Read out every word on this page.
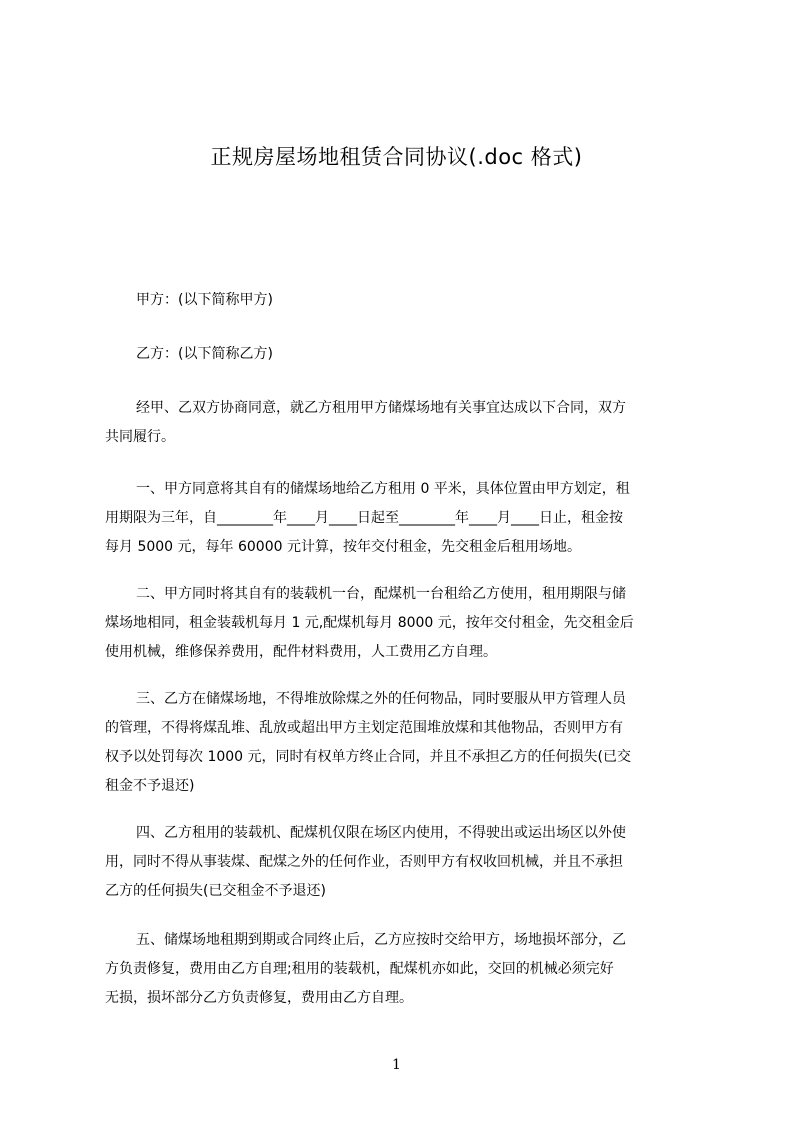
正规房屋场地租赁合同协议(.doc 格式)
甲方：(以下简称甲方)
乙方：(以下简称乙方)
经甲、乙双方协商同意，就乙方租用甲方储煤场地有关事宜达成以下合同，双方
共同履行。
一、甲方同意将其自有的储煤场地给乙方租用 0 平米，具体位置由甲方划定，租
用期限为三年，自________年____月____日起至________年____月____日止，租金按
每月 5000 元，每年 60000 元计算，按年交付租金，先交租金后租用场地。
二、甲方同时将其自有的装载机一台，配煤机一台租给乙方使用，租用期限与储
煤场地相同，租金装载机每月 1 元,配煤机每月 8000 元，按年交付租金，先交租金后
使用机械，维修保养费用，配件材料费用，人工费用乙方自理。
三、乙方在储煤场地，不得堆放除煤之外的任何物品，同时要服从甲方管理人员
的管理，不得将煤乱堆、乱放或超出甲方主划定范围堆放煤和其他物品，否则甲方有
权予以处罚每次 1000 元，同时有权单方终止合同，并且不承担乙方的任何损失(已交
租金不予退还)
四、乙方租用的装载机、配煤机仅限在场区内使用，不得驶出或运出场区以外使
用，同时不得从事装煤、配煤之外的任何作业，否则甲方有权收回机械，并且不承担
乙方的任何损失(已交租金不予退还)
五、储煤场地租期到期或合同终止后，乙方应按时交给甲方，场地损坏部分，乙
方负责修复，费用由乙方自理;租用的装载机，配煤机亦如此，交回的机械必须完好
无损，损坏部分乙方负责修复，费用由乙方自理。
1
